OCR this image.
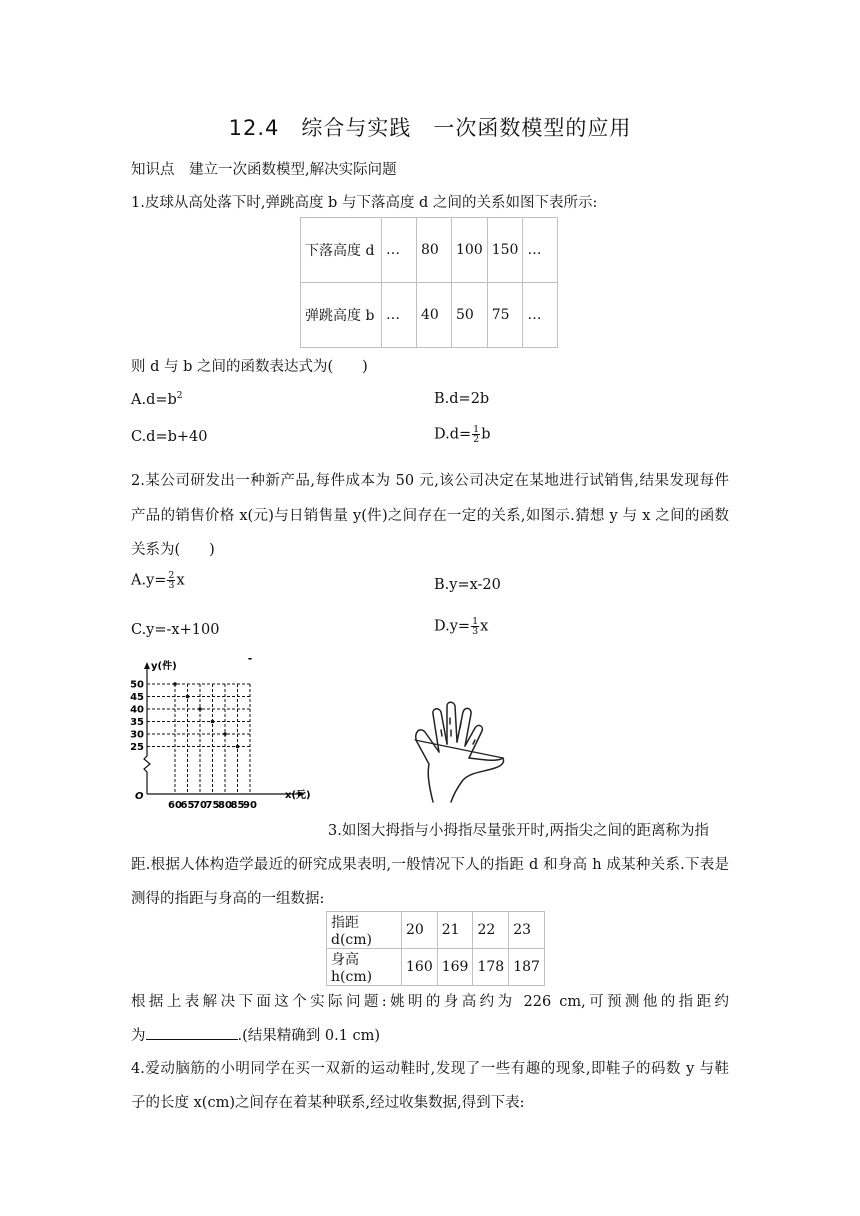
12.4　综合与实践　一次函数模型的应用
知识点　建立一次函数模型,解决实际问题
1.皮球从高处落下时,弹跳高度 b 与下落高度 d 之间的关系如图下表所示:
下落高度 d	…	80	100	150	…
弹跳高度 b	…	40	50	75	…
则 d 与 b 之间的函数表达式为(　　)
$A.d=b^2$	B.d=2b
C.d=b+40	$D.d= \frac{1}{2}$ b
2.某公司研发出一种新产品,每件成本为 50 元,该公司决定在某地进行试销售,结果发现每件
产品的销售价格 x(元)与日销售量 y(件)之间存在一定的关系,如图示.猜想 y 与 x 之间的函数
关系为(　　)
$A.y= \frac{2}{3}$ x	B.y=x-20
C.y=-x+100	$D.y= \frac{1}{3}$ x
y(件)
x(元)
O
60
65
70
75
80
85
90
50
45
40
35
30
25
3.如图大拇指与小拇指尽量张开时,两指尖之间的距离称为指
距.根据人体构造学最近的研究成果表明,一般情况下人的指距 d 和身高 h 成某种关系.下表是
测得的指距与身高的一组数据:
指距 d(cm)	20	21	22	23
身高 h(cm)	160	169	178	187
根据上表解决下面这个实际问题:姚明的身高约为 226 cm,可预测他的指距约
为	.(结果精确到 0.1 cm)
4.爱动脑筋的小明同学在买一双新的运动鞋时,发现了一些有趣的现象,即鞋子的码数 y 与鞋
子的长度 x(cm)之间存在着某种联系,经过收集数据,得到下表:
